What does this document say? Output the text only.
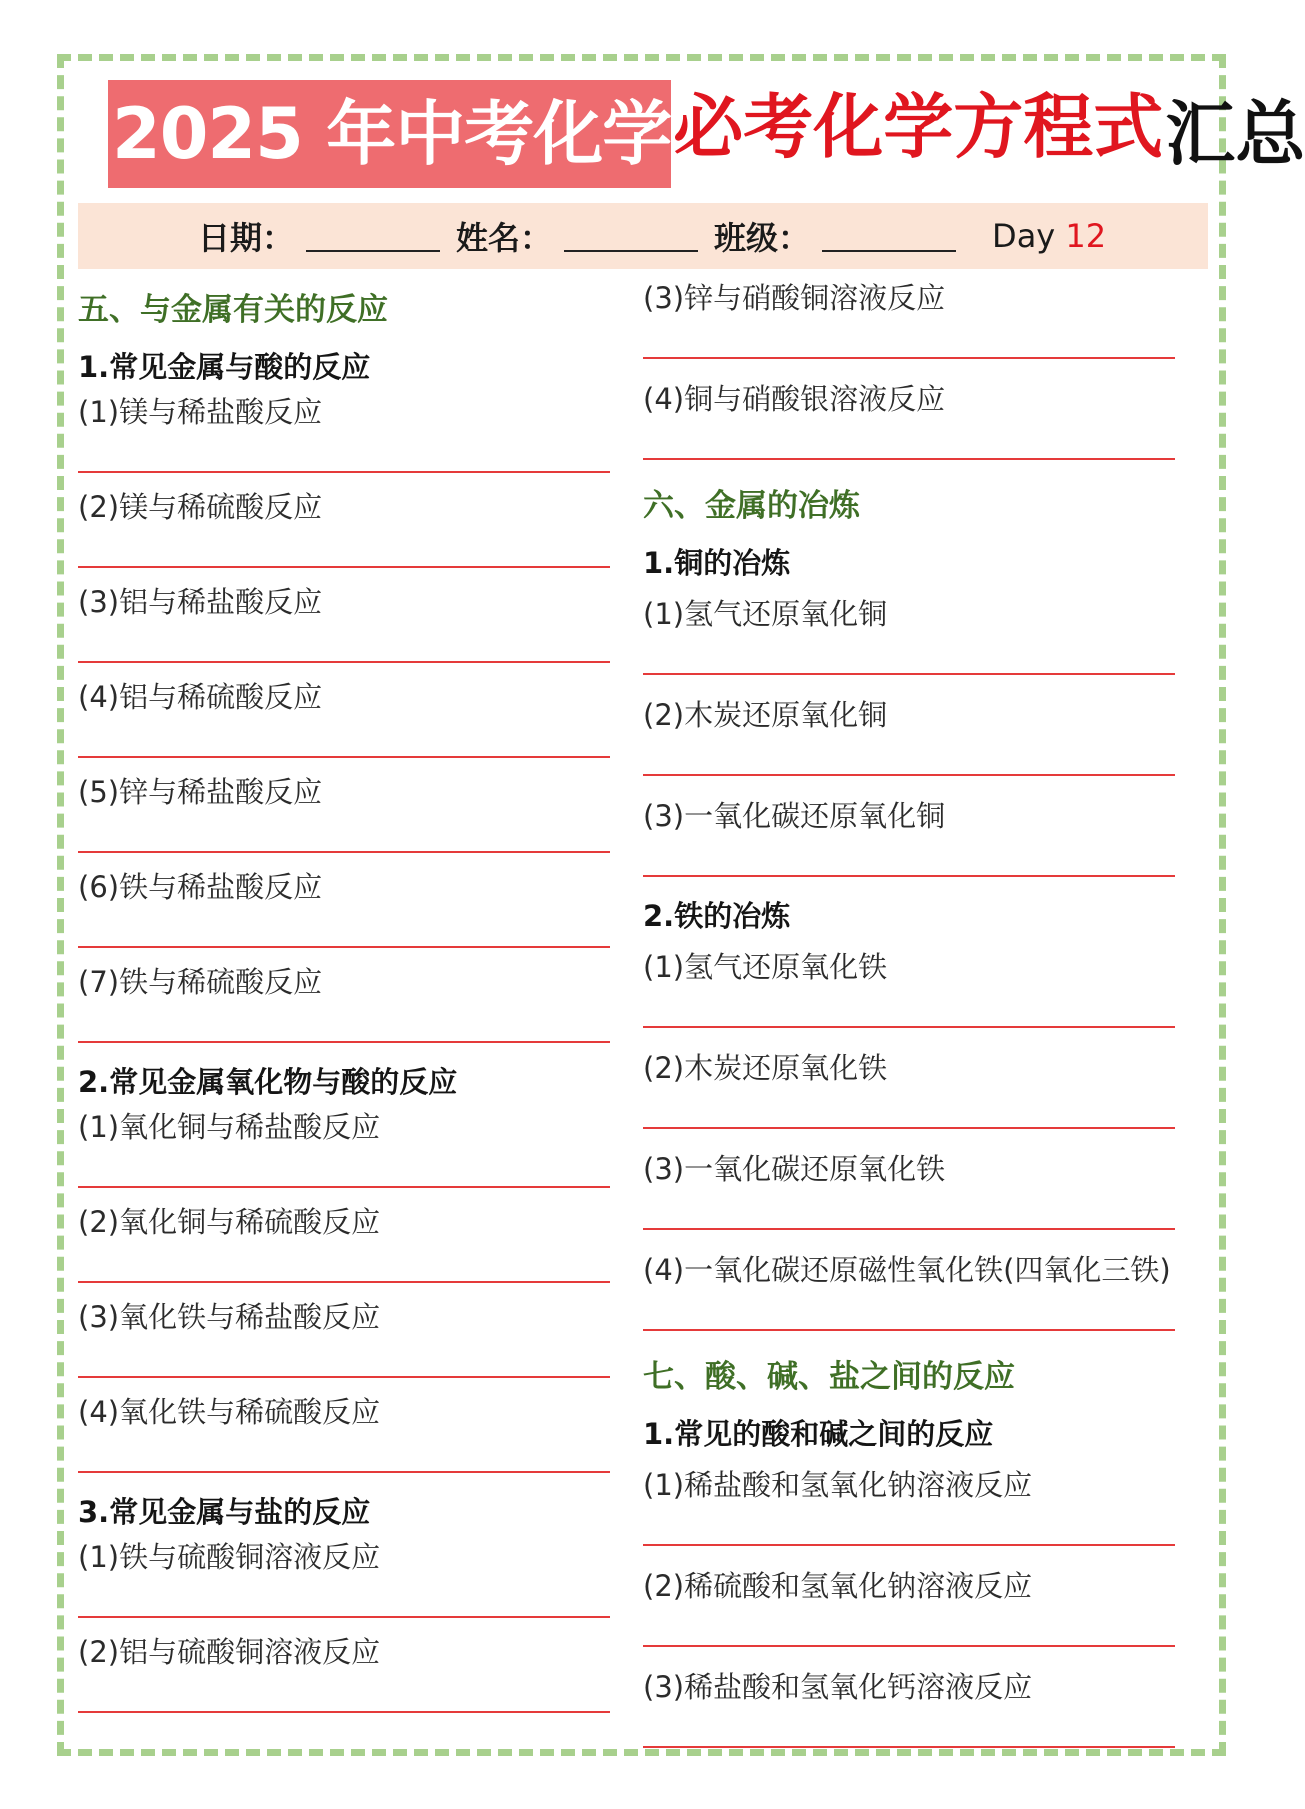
2025 年中考化学 必考化学方程式 汇总
日期：	姓名：	班级：	Day 12
五、与金属有关的反应
1.常见金属与酸的反应
(1)镁与稀盐酸反应
(2)镁与稀硫酸反应
(3)铝与稀盐酸反应
(4)铝与稀硫酸反应
(5)锌与稀盐酸反应
(6)铁与稀盐酸反应
(7)铁与稀硫酸反应
2.常见金属氧化物与酸的反应
(1)氧化铜与稀盐酸反应
(2)氧化铜与稀硫酸反应
(3)氧化铁与稀盐酸反应
(4)氧化铁与稀硫酸反应
3.常见金属与盐的反应
(1)铁与硫酸铜溶液反应
(2)铝与硫酸铜溶液反应
(3)锌与硝酸铜溶液反应
(4)铜与硝酸银溶液反应
六、金属的冶炼
1.铜的冶炼
(1)氢气还原氧化铜
(2)木炭还原氧化铜
(3)一氧化碳还原氧化铜
2.铁的冶炼
(1)氢气还原氧化铁
(2)木炭还原氧化铁
(3)一氧化碳还原氧化铁
(4)一氧化碳还原磁性氧化铁(四氧化三铁)
七、酸、碱、盐之间的反应
1.常见的酸和碱之间的反应
(1)稀盐酸和氢氧化钠溶液反应
(2)稀硫酸和氢氧化钠溶液反应
(3)稀盐酸和氢氧化钙溶液反应
